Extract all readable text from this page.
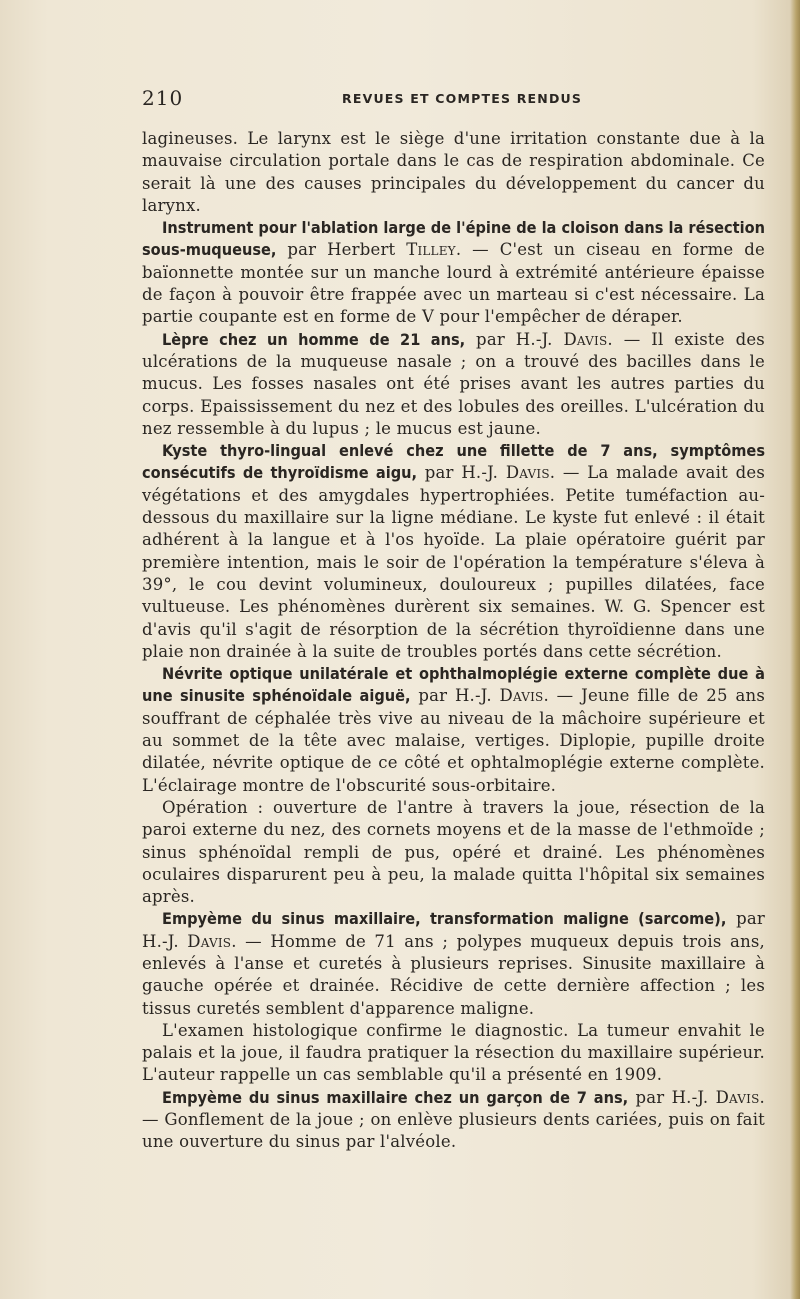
210	REVUES ET COMPTES RENDUS

lagineuses. Le larynx est le siège d'une irritation constante due à la mauvaise circulation portale dans le cas de respiration abdominale. Ce serait là une des causes principales du développement du cancer du larynx.

Instrument pour l'ablation large de l'épine de la cloison dans la résection sous-muqueuse, par Herbert Tilley. — C'est un ciseau en forme de baïonnette montée sur un manche lourd à extrémité antérieure épaisse de façon à pouvoir être frappée avec un marteau si c'est nécessaire. La partie coupante est en forme de V pour l'empêcher de déraper.

Lèpre chez un homme de 21 ans, par H.-J. Davis. — Il existe des ulcérations de la muqueuse nasale ; on a trouvé des bacilles dans le mucus. Les fosses nasales ont été prises avant les autres parties du corps. Epaississement du nez et des lobules des oreilles. L'ulcération du nez ressemble à du lupus ; le mucus est jaune.

Kyste thyro-lingual enlevé chez une fillette de 7 ans, symptômes consécutifs de thyroïdisme aigu, par H.-J. Davis. — La malade avait des végétations et des amygdales hypertrophiées. Petite tuméfaction au-dessous du maxillaire sur la ligne médiane. Le kyste fut enlevé : il était adhérent à la langue et à l'os hyoïde. La plaie opératoire guérit par première intention, mais le soir de l'opération la température s'éleva à 39°, le cou devint volumineux, douloureux ; pupilles dilatées, face vultueuse. Les phénomènes durèrent six semaines. W. G. Spencer est d'avis qu'il s'agit de résorption de la sécrétion thyroïdienne dans une plaie non drainée à la suite de troubles portés dans cette sécrétion.

Névrite optique unilatérale et ophthalmoplégie externe complète due à une sinusite sphénoïdale aiguë, par H.-J. Davis. — Jeune fille de 25 ans souffrant de céphalée très vive au niveau de la mâchoire supérieure et au sommet de la tête avec malaise, vertiges. Diplopie, pupille droite dilatée, névrite optique de ce côté et ophtalmoplégie externe complète. L'éclairage montre de l'obscurité sous-orbitaire.

Opération : ouverture de l'antre à travers la joue, résection de la paroi externe du nez, des cornets moyens et de la masse de l'ethmoïde ; sinus sphénoïdal rempli de pus, opéré et drainé. Les phénomènes oculaires disparurent peu à peu, la malade quitta l'hôpital six semaines après.

Empyème du sinus maxillaire, transformation maligne (sarcome), par H.-J. Davis. — Homme de 71 ans ; polypes muqueux depuis trois ans, enlevés à l'anse et curetés à plusieurs reprises. Sinusite maxillaire à gauche opérée et drainée. Récidive de cette dernière affection ; les tissus curetés semblent d'apparence maligne.

L'examen histologique confirme le diagnostic. La tumeur envahit le palais et la joue, il faudra pratiquer la résection du maxillaire supérieur. L'auteur rappelle un cas semblable qu'il a présenté en 1909.

Empyème du sinus maxillaire chez un garçon de 7 ans, par H.-J. Davis. — Gonflement de la joue ; on enlève plusieurs dents cariées, puis on fait une ouverture du sinus par l'alvéole.
